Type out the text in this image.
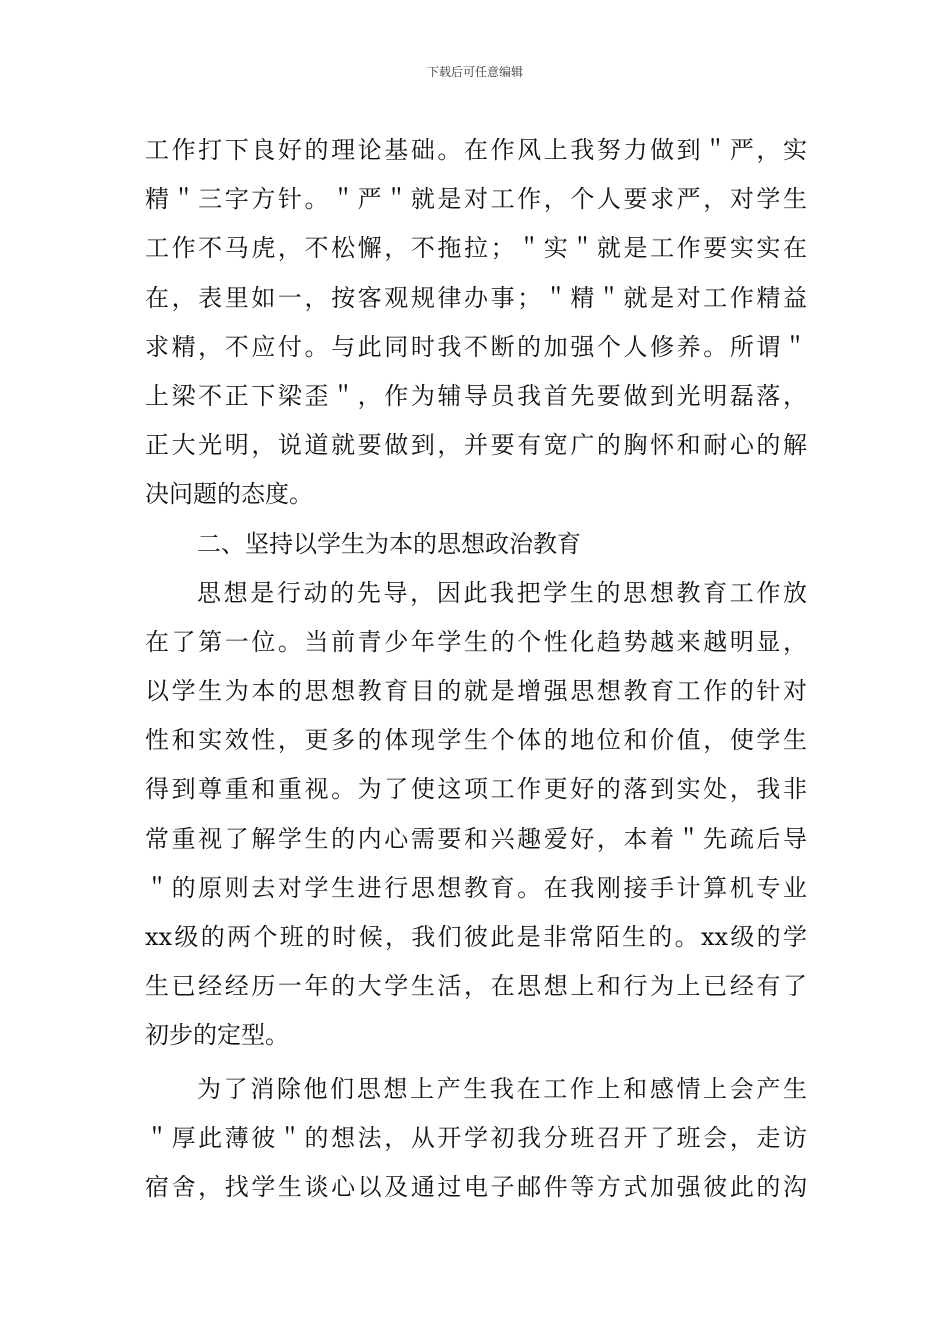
下载后可任意编辑
工作打下良好的理论基础。在作风上我努力做到＂严，实
精＂三字方针。＂严＂就是对工作，个人要求严，对学生
工作不马虎，不松懈，不拖拉；＂实＂就是工作要实实在
在，表里如一，按客观规律办事；＂精＂就是对工作精益
求精，不应付。与此同时我不断的加强个人修养。所谓＂
上梁不正下梁歪＂，作为辅导员我首先要做到光明磊落，
正大光明，说道就要做到，并要有宽广的胸怀和耐心的解
决问题的态度。
二、坚持以学生为本的思想政治教育
思想是行动的先导，因此我把学生的思想教育工作放
在了第一位。当前青少年学生的个性化趋势越来越明显，
以学生为本的思想教育目的就是增强思想教育工作的针对
性和实效性，更多的体现学生个体的地位和价值，使学生
得到尊重和重视。为了使这项工作更好的落到实处，我非
常重视了解学生的内心需要和兴趣爱好，本着＂先疏后导
＂的原则去对学生进行思想教育。在我刚接手计算机专业
xx级的两个班的时候，我们彼此是非常陌生的。xx级的学
生已经经历一年的大学生活，在思想上和行为上已经有了
初步的定型。
为了消除他们思想上产生我在工作上和感情上会产生
＂厚此薄彼＂的想法，从开学初我分班召开了班会，走访
宿舍，找学生谈心以及通过电子邮件等方式加强彼此的沟
